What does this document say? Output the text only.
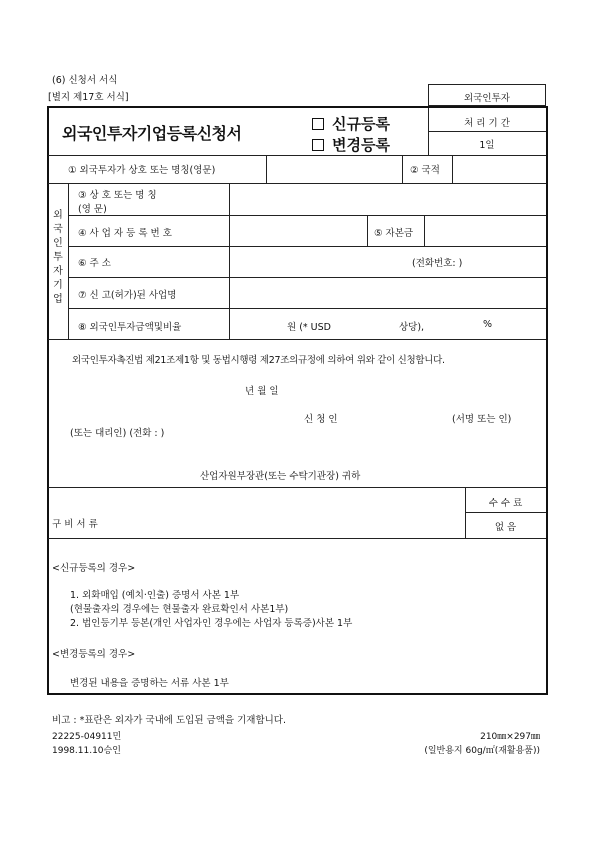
(6) 신청서 서식
[별지 제17호 서식]	외국인투자
외국인투자기업등록신청서	신규등록
변경등록
처 리 기 간
1일
① 외국투자가 상호 또는 명칭(영문)	② 국적
외
국
인
투
자
기
업
③ 상 호 또는 명 칭
(영 문)
④ 사 업 자 등 록 번 호	⑤ 자본금
⑥ 주 소	(전화번호: )
⑦ 신 고(허가)된 사업명
⑧ 외국인투자금액및비율	원 (* USD	상당),	%
외국인투자촉진법 제21조제1항 및 동법시행령 제27조의규정에 의하여 위와 같이 신청합니다.
년 월 일
신 청 인	(서명 또는 인)
(또는 대리인) (전화 : )
산업자원부장관(또는 수탁기관장) 귀하
구 비 서 류
수 수 료
없 음
<신규등록의 경우>
1. 외화매입 (예치·인출) 증명서 사본 1부
(현물출자의 경우에는 현물출자 완료확인서 사본1부)
2. 법인등기부 등본(개인 사업자인 경우에는 사업자 등록증)사본 1부
<변경등록의 경우>
변경된 내용을 증명하는 서류 사본 1부
비고 : *표란은 외자가 국내에 도입된 금액을 기재합니다.
22225-04911민	210㎜×297㎜
1998.11.10승인	(일반용지 60g/㎡(재활용품))
